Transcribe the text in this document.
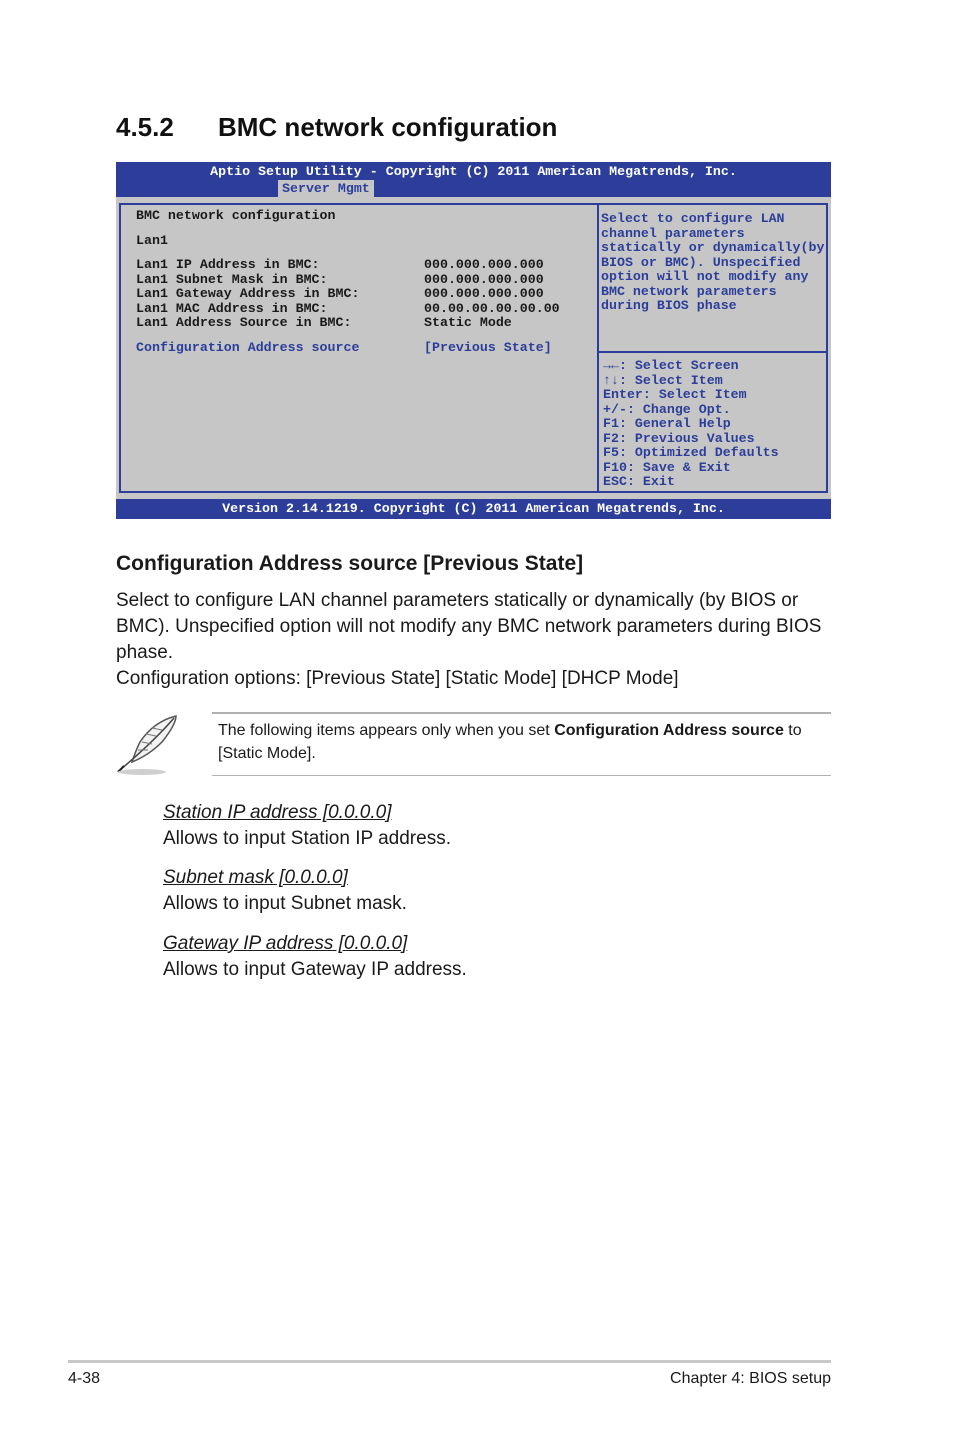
4.5.2 BMC network configuration
Aptio Setup Utility - Copyright (C) 2011 American Megatrends, Inc.
Server Mgmt
BMC network configuration
Lan1
Lan1 IP Address in BMC:	000.000.000.000
Lan1 Subnet Mask in BMC:	000.000.000.000
Lan1 Gateway Address in BMC:	000.000.000.000
Lan1 MAC Address in BMC:	00.00.00.00.00.00
Lan1 Address Source in BMC:	Static Mode
Configuration Address source	[Previous State]
Select to configure LAN
channel parameters
statically or dynamically(by
BIOS or BMC). Unspecified
option will not modify any
BMC network parameters
during BIOS phase
→←: Select Screen
↑↓: Select Item
Enter: Select Item
+/-: Change Opt.
F1: General Help
F2: Previous Values
F5: Optimized Defaults
F10: Save & Exit
ESC: Exit
Version 2.14.1219. Copyright (C) 2011 American Megatrends, Inc.
Configuration Address source [Previous State]

Select to configure LAN channel parameters statically or dynamically (by BIOS or BMC). Unspecified option will not modify any BMC network parameters during BIOS phase.

Configuration options: [Previous State] [Static Mode] [DHCP Mode]

The following items appears only when you set Configuration Address source to [Static Mode].
Station IP address [0.0.0.0]
Allows to input Station IP address.
Subnet mask [0.0.0.0]
Allows to input Subnet mask.
Gateway IP address [0.0.0.0]
Allows to input Gateway IP address.
4-38	Chapter 4: BIOS setup
